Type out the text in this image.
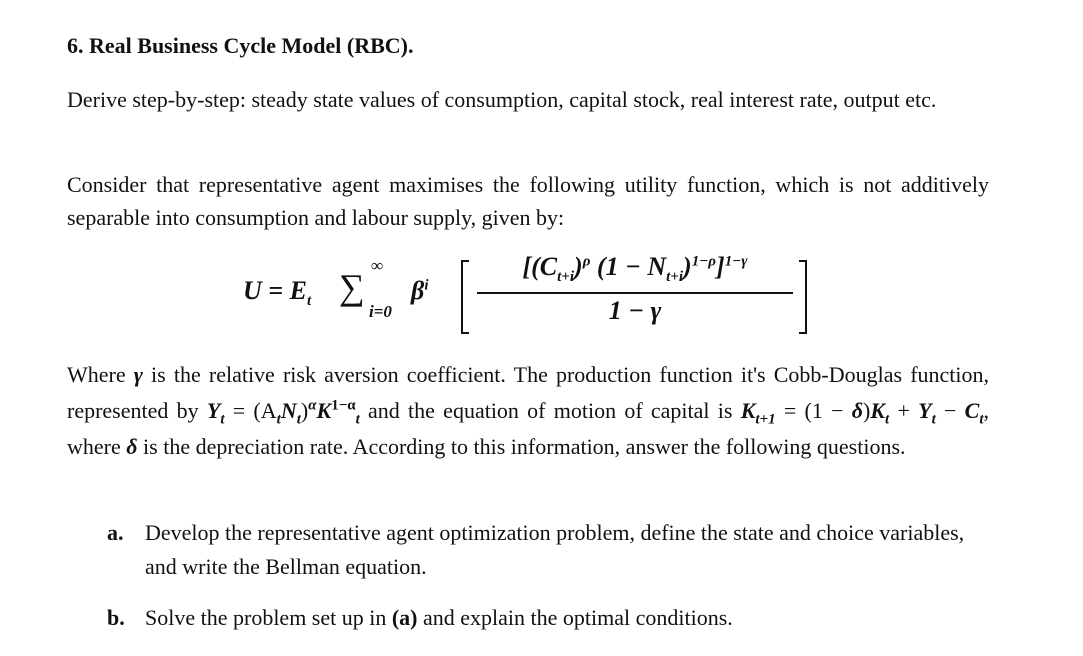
6. Real Business Cycle Model (RBC).
Derive step-by-step: steady state values of consumption, capital stock, real interest rate, output etc.
Consider that representative agent maximises the following utility function, which is not additively separable into consumption and labour supply, given by:
$U = E_t$ ∑
∞
i=0
$\beta^i$
[$(C_{t+i})^\rho$ $(1 - N_{t+i})^{1-\rho}]^{1-\gamma}$
1 − γ
Where γ is the relative risk aversion coefficient. The production function it's Cobb-Douglas function, represented by $Y_t = (A_tN_t)^\alpha K^{1-\alpha}_t$ and the equation of motion of capital is $K_{t+1} = (1 - \delta)K_t + Y_t - C_t$, where δ is the depreciation rate. According to this information, answer the following questions.
a. Develop the representative agent optimization problem, define the state and choice variables, and write the Bellman equation.
b. Solve the problem set up in (a) and explain the optimal conditions.
